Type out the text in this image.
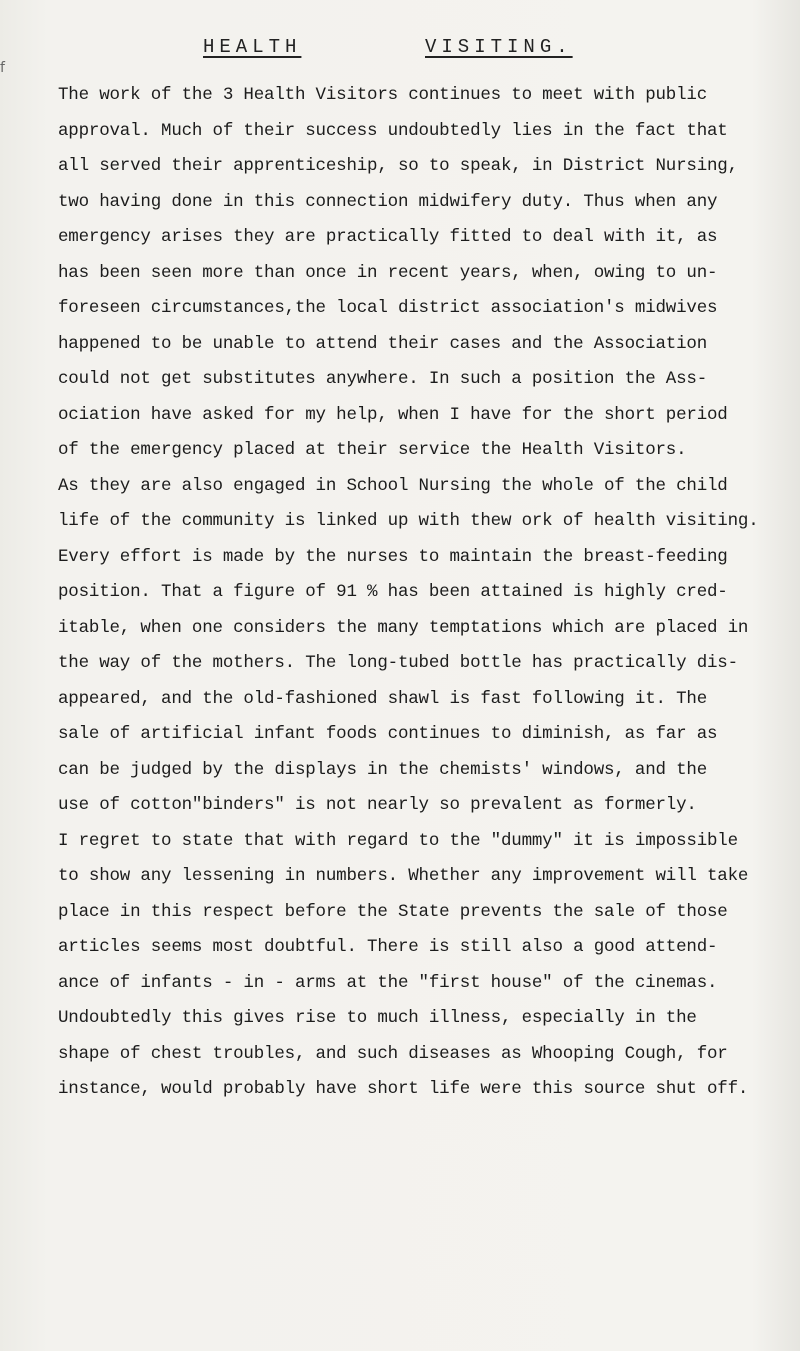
f
HEALTH	VISITING.
The work of the 3 Health Visitors continues to meet with public
approval. Much of their success undoubtedly lies in the fact that
all served their apprenticeship, so to speak, in District Nursing,
two having done in this connection midwifery duty. Thus when any
emergency arises they are practically fitted to deal with it, as
has been seen more than once in recent years, when, owing to un-
foreseen circumstances,the local district association's midwives
happened to be unable to attend their cases and the Association
could not get substitutes anywhere. In such a position the Ass-
ociation have asked for my help, when I have for the short period
of the emergency placed at their service the Health Visitors.
As they are also engaged in School Nursing the whole of the child
life of the community is linked up with thew ork of health visiting.
Every effort is made by the nurses to maintain the breast-feeding
position. That a figure of 91 % has been attained is highly cred-
itable, when one considers the many temptations which are placed in
the way of the mothers. The long-tubed bottle has practically dis-
appeared, and the old-fashioned shawl is fast following it. The
sale of artificial infant foods continues to diminish, as far as
can be judged by the displays in the chemists' windows, and the
use of cotton"binders" is not nearly so prevalent as formerly.
I regret to state that with regard to the "dummy" it is impossible
to show any lessening in numbers. Whether any improvement will take
place in this respect before the State prevents the sale of those
articles seems most doubtful. There is still also a good attend-
ance of infants - in - arms at the "first house" of the cinemas.
Undoubtedly this gives rise to much illness, especially in the
shape of chest troubles, and such diseases as Whooping Cough, for
instance, would probably have short life were this source shut off.
